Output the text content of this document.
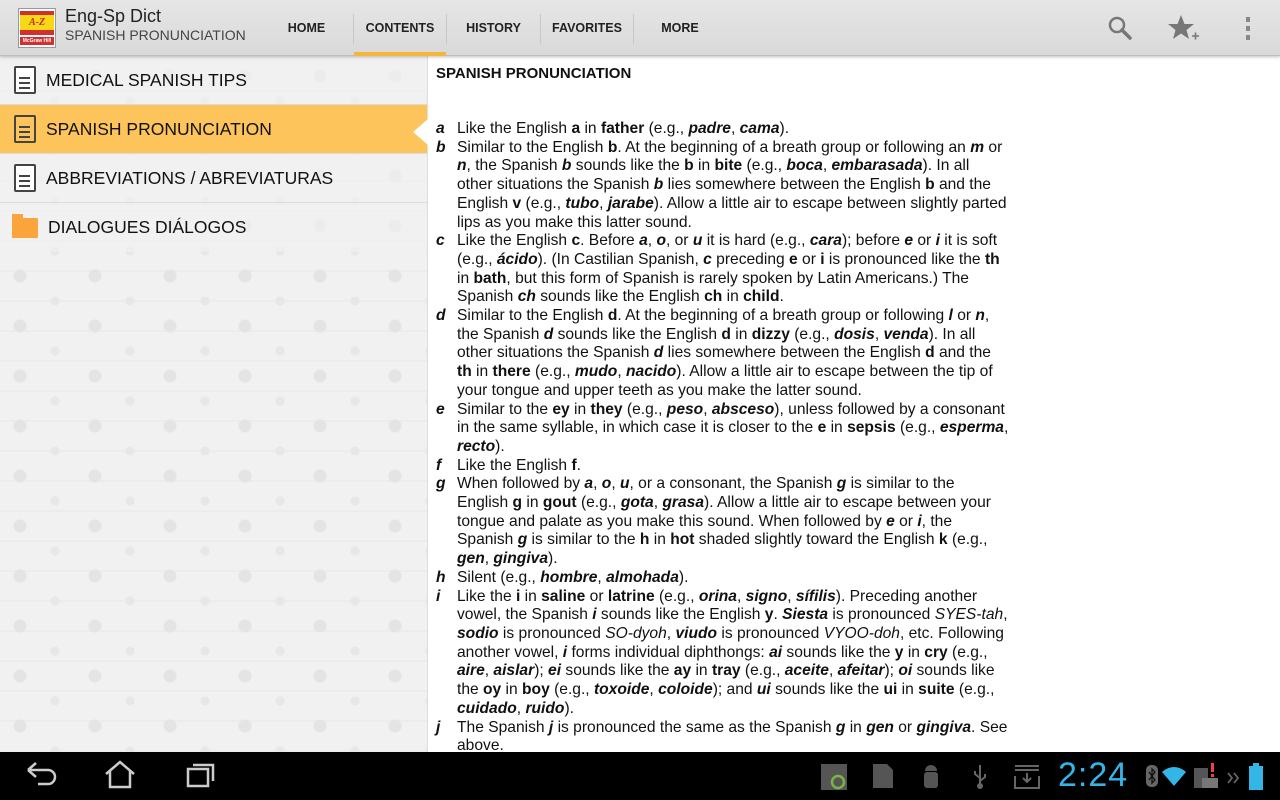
A-Z
McGraw Hill
Eng-Sp Dict
SPANISH PRONUNCIATION	HOME	CONTENTS	HISTORY	FAVORITES	MORE
MEDICAL SPANISH TIPS
SPANISH PRONUNCIATION
ABBREVIATIONS / ABREVIATURAS
DIALOGUES DIÁLOGOS
SPANISH PRONUNCIATION
a Like the English a in father (e.g., padre, cama).
b Similar to the English b. At the beginning of a breath group or following an m or n, the Spanish b sounds like the b in bite (e.g., boca, embarasada). In all other situations the Spanish b lies somewhere between the English b and the English v (e.g., tubo, jarabe). Allow a little air to escape between slightly parted lips as you make this latter sound.
c Like the English c. Before a, o, or u it is hard (e.g., cara); before e or i it is soft (e.g., ácido). (In Castilian Spanish, c preceding e or i is pronounced like the th in bath, but this form of Spanish is rarely spoken by Latin Americans.) The Spanish ch sounds like the English ch in child.
d Similar to the English d. At the beginning of a breath group or following l or n, the Spanish d sounds like the English d in dizzy (e.g., dosis, venda). In all other situations the Spanish d lies somewhere between the English d and the th in there (e.g., mudo, nacido). Allow a little air to escape between the tip of your tongue and upper teeth as you make the latter sound.
e Similar to the ey in they (e.g., peso, absceso), unless followed by a consonant in the same syllable, in which case it is closer to the e in sepsis (e.g., esperma, recto).
f	Like the English f.
g When followed by a, o, u, or a consonant, the Spanish g is similar to the English g in gout (e.g., gota, grasa). Allow a little air to escape between your tongue and palate as you make this sound. When followed by e or i, the Spanish g is similar to the h in hot shaded slightly toward the English k (e.g., gen, gingiva).
h Silent (e.g., hombre, almohada).
i	Like the i in saline or latrine (e.g., orina, signo, sífilis). Preceding another vowel, the Spanish i sounds like the English y. Siesta is pronounced SYES-tah, sodio is pronounced SO-dyoh, viudo is pronounced VYOO-doh, etc. Following another vowel, i forms individual diphthongs: ai sounds like the y in cry (e.g., aire, aislar); ei sounds like the ay in tray (e.g., aceite, afeitar); oi sounds like the oy in boy (e.g., toxoide, coloide); and ui sounds like the ui in suite (e.g., cuidado, ruido).
j	The Spanish j is pronounced the same as the Spanish g in gen or gingiva. See above.
2:24
